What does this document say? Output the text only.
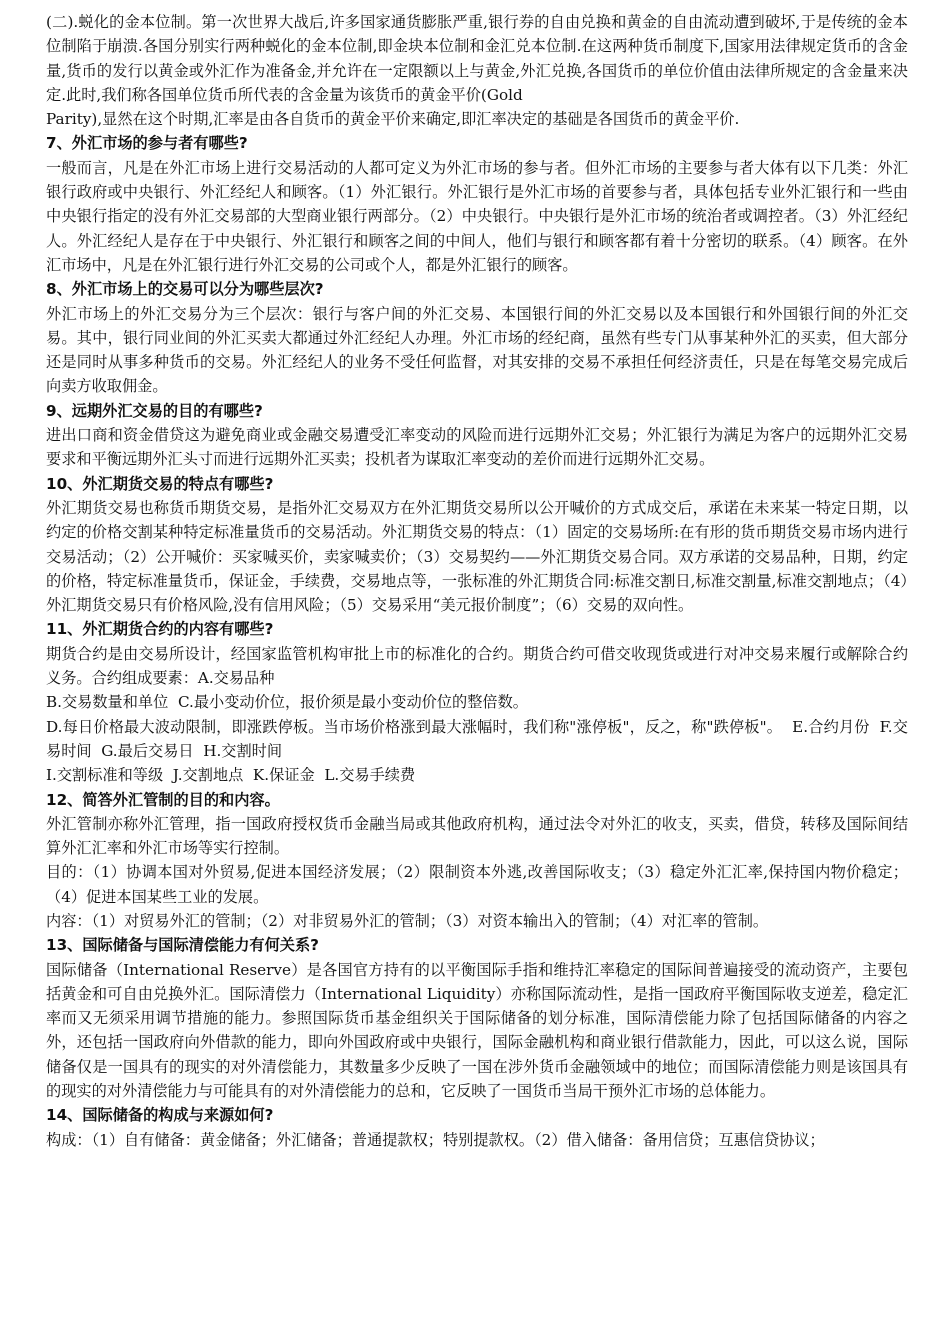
(二).蜕化的金本位制。第一次世界大战后,许多国家通货膨胀严重,银行券的自由兑换和黄金的自由流动遭到破坏,于是传统的金本位制陷于崩溃.各国分别实行两种蜕化的金本位制,即金块本位制和金汇兑本位制.在这两种货币制度下,国家用法律规定货币的含金量,货币的发行以黄金或外汇作为准备金,并允许在一定限额以上与黄金,外汇兑换,各国货币的单位价值由法律所规定的含金量来决定.此时,我们称各国单位货币所代表的含金量为该货币的黄金平价(Gold
Parity),显然在这个时期,汇率是由各自货币的黄金平价来确定,即汇率决定的基础是各国货币的黄金平价.
7、外汇市场的参与者有哪些?
一般而言，凡是在外汇市场上进行交易活动的人都可定义为外汇市场的参与者。但外汇市场的主要参与者大体有以下几类：外汇银行政府或中央银行、外汇经纪人和顾客。（1）外汇银行。外汇银行是外汇市场的首要参与者，具体包括专业外汇银行和一些由中央银行指定的没有外汇交易部的大型商业银行两部分。（2）中央银行。中央银行是外汇市场的统治者或调控者。（3）外汇经纪人。外汇经纪人是存在于中央银行、外汇银行和顾客之间的中间人，他们与银行和顾客都有着十分密切的联系。（4）顾客。在外汇市场中，凡是在外汇银行进行外汇交易的公司或个人，都是外汇银行的顾客。
8、外汇市场上的交易可以分为哪些层次?
外汇市场上的外汇交易分为三个层次：银行与客户间的外汇交易、本国银行间的外汇交易以及本国银行和外国银行间的外汇交易。其中，银行同业间的外汇买卖大都通过外汇经纪人办理。外汇市场的经纪商，虽然有些专门从事某种外汇的买卖，但大部分还是同时从事多种货币的交易。外汇经纪人的业务不受任何监督，对其安排的交易不承担任何经济责任，只是在每笔交易完成后向卖方收取佣金。
9、远期外汇交易的目的有哪些?
进出口商和资金借贷这为避免商业或金融交易遭受汇率变动的风险而进行远期外汇交易；外汇银行为满足为客户的远期外汇交易要求和平衡远期外汇头寸而进行远期外汇买卖；投机者为谋取汇率变动的差价而进行远期外汇交易。
10、外汇期货交易的特点有哪些?
外汇期货交易也称货币期货交易，是指外汇交易双方在外汇期货交易所以公开喊价的方式成交后，承诺在未来某一特定日期，以约定的价格交割某种特定标准量货币的交易活动。外汇期货交易的特点：（1）固定的交易场所:在有形的货币期货交易市场内进行交易活动；（2）公开喊价：买家喊买价，卖家喊卖价；（3）交易契约——外汇期货交易合同。双方承诺的交易品种，日期，约定的价格，特定标准量货币，保证金，手续费，交易地点等，一张标准的外汇期货合同:标准交割日,标准交割量,标准交割地点；（4）外汇期货交易只有价格风险,没有信用风险；（5）交易采用“美元报价制度”；（6）交易的双向性。
11、外汇期货合约的内容有哪些?
期货合约是由交易所设计，经国家监管机构审批上市的标准化的合约。期货合约可借交收现货或进行对冲交易来履行或解除合约义务。合约组成要素：A.交易品种
B.交易数量和单位  C.最小变动价位，报价须是最小变动价位的整倍数。
D.每日价格最大波动限制，即涨跌停板。当市场价格涨到最大涨幅时，我们称"涨停板"，反之，称"跌停板"。  E.合约月份  F.交易时间  G.最后交易日  H.交割时间
I.交割标准和等级  J.交割地点  K.保证金  L.交易手续费
12、简答外汇管制的目的和内容。
外汇管制亦称外汇管理，指一国政府授权货币金融当局或其他政府机构，通过法令对外汇的收支，买卖，借贷，转移及国际间结算外汇汇率和外汇市场等实行控制。
目的：（1）协调本国对外贸易,促进本国经济发展；（2）限制资本外逃,改善国际收支；（3）稳定外汇汇率,保持国内物价稳定；（4）促进本国某些工业的发展。
内容：（1）对贸易外汇的管制；（2）对非贸易外汇的管制；（3）对资本输出入的管制；（4）对汇率的管制。
13、国际储备与国际清偿能力有何关系?
国际储备（International Reserve）是各国官方持有的以平衡国际手指和维持汇率稳定的国际间普遍接受的流动资产，主要包括黄金和可自由兑换外汇。国际清偿力（International Liquidity）亦称国际流动性，是指一国政府平衡国际收支逆差，稳定汇率而又无须采用调节措施的能力。参照国际货币基金组织关于国际储备的划分标准，国际清偿能力除了包括国际储备的内容之外，还包括一国政府向外借款的能力，即向外国政府或中央银行，国际金融机构和商业银行借款能力，因此，可以这么说，国际储备仅是一国具有的现实的对外清偿能力，其数量多少反映了一国在涉外货币金融领域中的地位；而国际清偿能力则是该国具有的现实的对外清偿能力与可能具有的对外清偿能力的总和，它反映了一国货币当局干预外汇市场的总体能力。
14、国际储备的构成与来源如何?
构成：（1）自有储备：黄金储备；外汇储备；普通提款权；特别提款权。（2）借入储备：备用信贷；互惠信贷协议；
